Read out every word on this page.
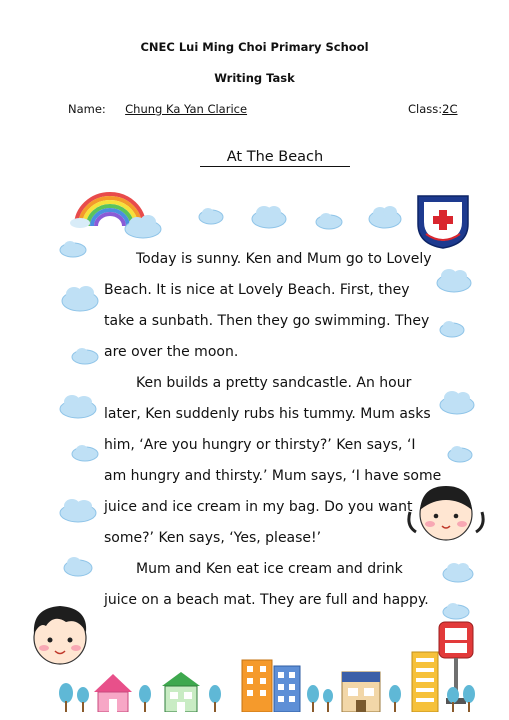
CNEC Lui Ming Choi Primary School
Writing Task
Name: Chung Ka Yan Clarice	Class:2C
At The Beach
Today is sunny. Ken and Mum go to Lovely
Beach. It is nice at Lovely Beach. First, they
take a sunbath. Then they go swimming. They
are over the moon.
Ken builds a pretty sandcastle. An hour
later, Ken suddenly rubs his tummy. Mum asks
him, ‘Are you hungry or thirsty?’ Ken says, ‘I
am hungry and thirsty.’ Mum says, ‘I have some
juice and ice cream in my bag. Do you want
some?’ Ken says, ‘Yes, please!’
Mum and Ken eat ice cream and drink
juice on a beach mat. They are full and happy.
